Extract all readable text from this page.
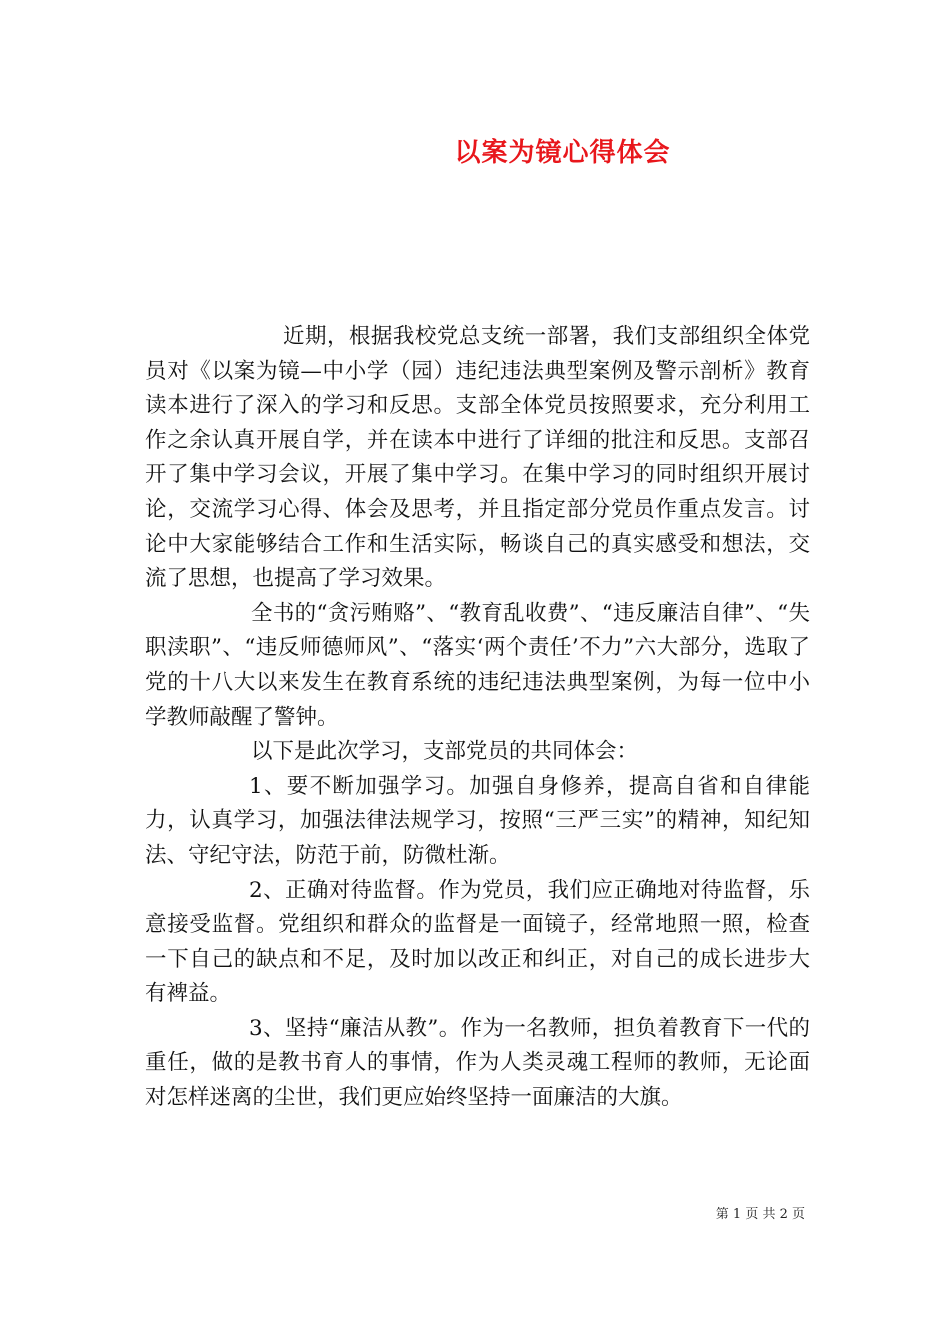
以案为镜心得体会

近期，根据我校党总支统一部署，我们支部组织全体党员对《以案为镜—中小学（园）违纪违法典型案例及警示剖析》教育读本进行了深入的学习和反思。支部全体党员按照要求，充分利用工作之余认真开展自学，并在读本中进行了详细的批注和反思。支部召开了集中学习会议，开展了集中学习。在集中学习的同时组织开展讨论，交流学习心得、体会及思考，并且指定部分党员作重点发言。讨论中大家能够结合工作和生活实际，畅谈自己的真实感受和想法，交流了思想，也提高了学习效果。

全书的“贪污贿赂”、“教育乱收费”、“违反廉洁自律”、“失职渎职”、“违反师德师风”、“落实‘两个责任’不力”六大部分，选取了党的十八大以来发生在教育系统的违纪违法典型案例，为每一位中小学教师敲醒了警钟。

以下是此次学习，支部党员的共同体会：

1、要不断加强学习。加强自身修养，提高自省和自律能力，认真学习，加强法律法规学习，按照“三严三实”的精神，知纪知法、守纪守法，防范于前，防微杜渐。

2、正确对待监督。作为党员，我们应正确地对待监督，乐意接受监督。党组织和群众的监督是一面镜子，经常地照一照，检查一下自己的缺点和不足，及时加以改正和纠正，对自己的成长进步大有裨益。

3、坚持“廉洁从教”。作为一名教师，担负着教育下一代的重任，做的是教书育人的事情，作为人类灵魂工程师的教师，无论面对怎样迷离的尘世，我们更应始终坚持一面廉洁的大旗。

第 1 页 共 2 页
